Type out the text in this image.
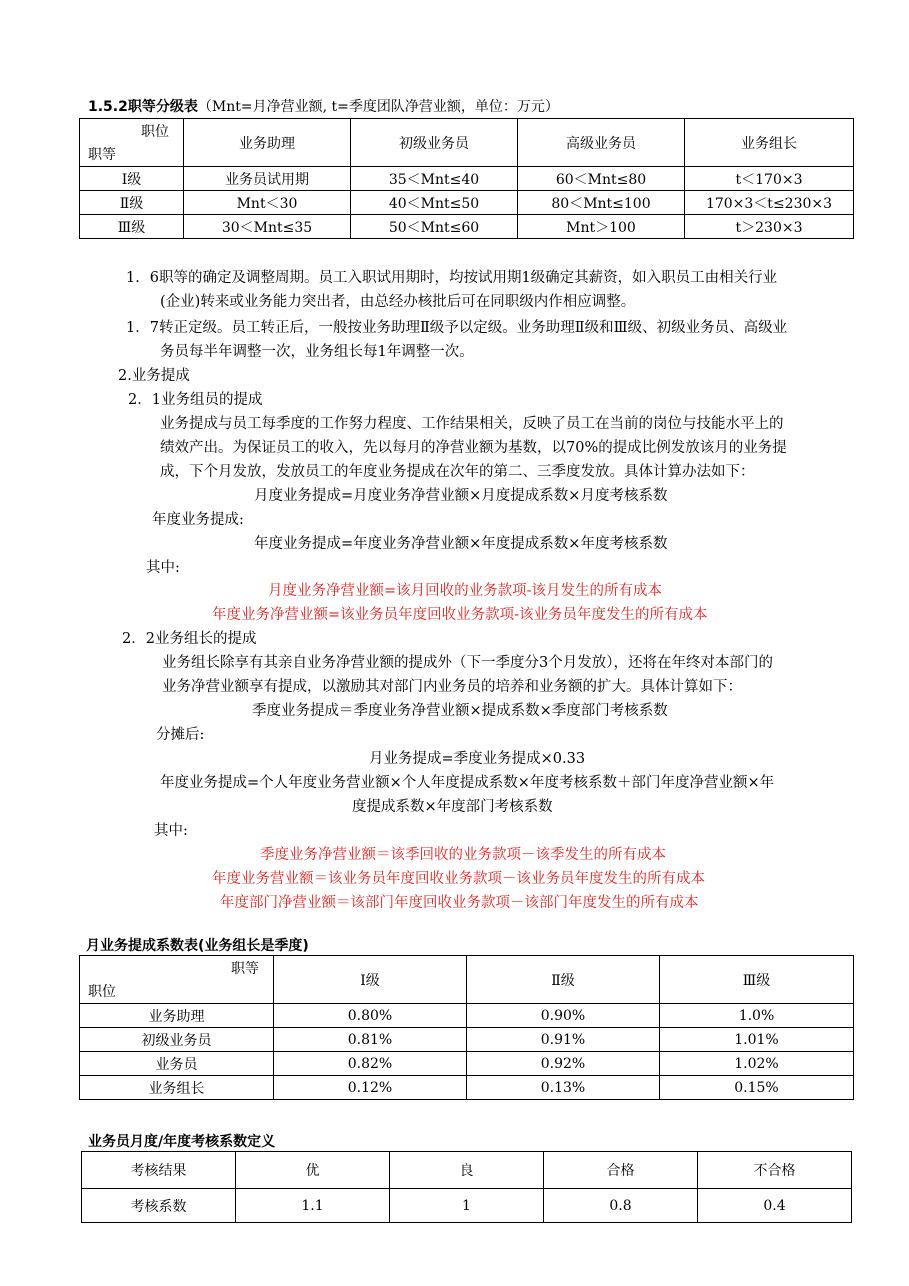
1.5.2职等分级表（Mnt=月净营业额, t=季度团队净营业额，单位：万元）
职位
职等	业务助理	初级业务员	高级业务员	业务组长
Ⅰ级	业务员试用期	35＜Mnt≤40	60＜Mnt≤80	t＜170×3
Ⅱ级	Mnt＜30	40＜Mnt≤50	80＜Mnt≤100	170×3＜t≤230×3
Ⅲ级	30＜Mnt≤35	50＜Mnt≤60	Mnt＞100	t＞230×3
1．6职等的确定及调整周期。员工入职试用期时，均按试用期1级确定其薪资，如入职员工由相关行业
(企业)转来或业务能力突出者，由总经办核批后可在同职级内作相应调整。
1．7转正定级。员工转正后，一般按业务助理Ⅱ级予以定级。业务助理Ⅱ级和Ⅲ级、初级业务员、高级业
务员每半年调整一次，业务组长每1年调整一次。
2.业务提成
2．1业务组员的提成
业务提成与员工每季度的工作努力程度、工作结果相关，反映了员工在当前的岗位与技能水平上的
绩效产出。为保证员工的收入，先以每月的净营业额为基数，以70%的提成比例发放该月的业务提
成，下个月发放，发放员工的年度业务提成在次年的第二、三季度发放。具体计算办法如下：
月度业务提成=月度业务净营业额×月度提成系数×月度考核系数
年度业务提成:
年度业务提成=年度业务净营业额×年度提成系数×年度考核系数
其中:
月度业务净营业额=该月回收的业务款项-该月发生的所有成本
年度业务净营业额=该业务员年度回收业务款项-该业务员年度发生的所有成本
2．2业务组长的提成
业务组长除享有其亲自业务净营业额的提成外（下一季度分3个月发放），还将在年终对本部门的
业务净营业额享有提成，以激励其对部门内业务员的培养和业务额的扩大。具体计算如下：
季度业务提成＝季度业务净营业额×提成系数×季度部门考核系数
分摊后:
月业务提成=季度业务提成×0.33
年度业务提成=个人年度业务营业额×个人年度提成系数×年度考核系数＋部门年度净营业额×年
度提成系数×年度部门考核系数
其中:
季度业务净营业额＝该季回收的业务款项－该季发生的所有成本
年度业务营业额＝该业务员年度回收业务款项－该业务员年度发生的所有成本
年度部门净营业额＝该部门年度回收业务款项－该部门年度发生的所有成本
月业务提成系数表(业务组长是季度)
职等
职位	Ⅰ级	Ⅱ级	Ⅲ级
业务助理	0.80%	0.90%	1.0%
初级业务员	0.81%	0.91%	1.01%
业务员	0.82%	0.92%	1.02%
业务组长	0.12%	0.13%	0.15%
业务员月度/年度考核系数定义
考核结果	优	良	合格	不合格
考核系数	1.1	1	0.8	0.4
